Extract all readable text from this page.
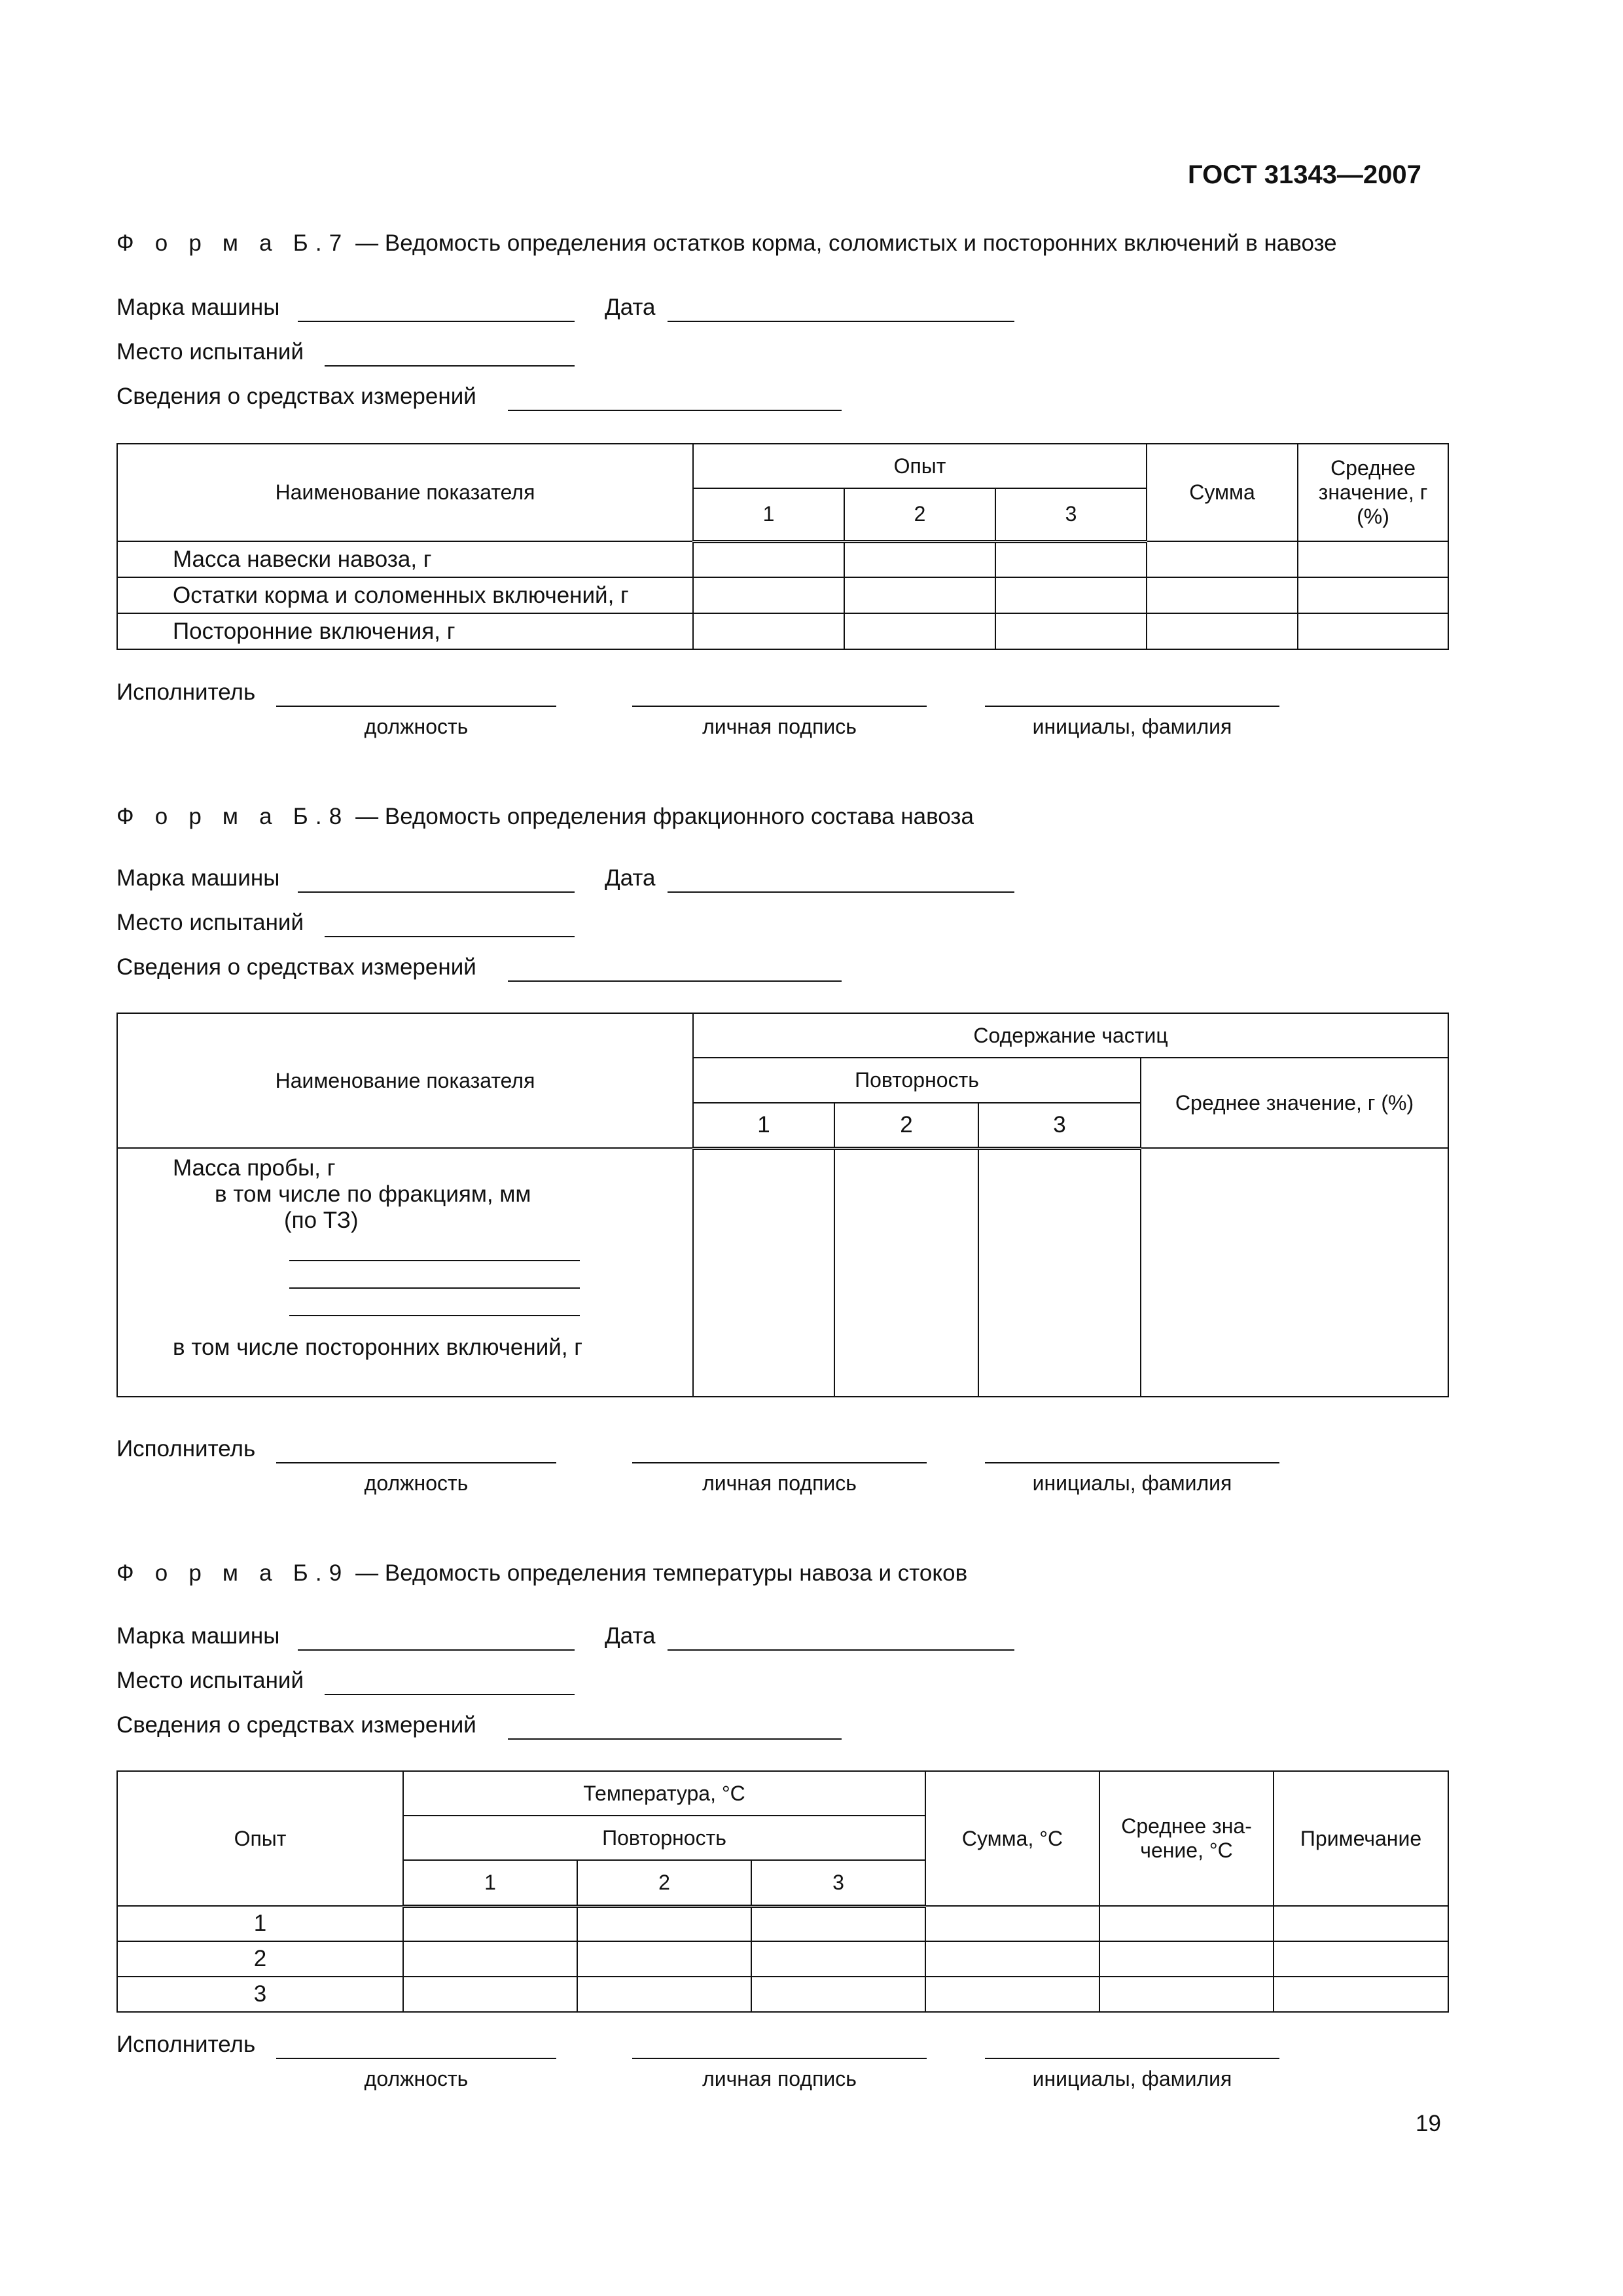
ГОСТ 31343—2007
Ф о р м а Б.7 — Ведомость определения остатков корма, соломистых и посторонних включений в навозе
Марка машины	Дата
Место испытаний
Сведения о средствах измерений
Наименование показателя	Опыт			Сумма	Среднее значение, г (%)
	1	2	3		
Масса навески навоза, г					
Остатки корма и соломенных включений, г					
Посторонние включения, г					
Исполнитель
должность	личная подпись	инициалы, фамилия
Ф о р м а Б.8 — Ведомость определения фракционного состава навоза
Марка машины	Дата
Место испытаний
Сведения о средствах измерений
Наименование показателя	Содержание частиц			
	Повторность			Среднее значение, г (%)
	1	2	3	

Масса пробы, г
в том числе по фракциям, мм
(по ТЗ)
в том числе посторонних включений, г				

Исполнитель
должность	личная подпись	инициалы, фамилия
Ф о р м а Б.9 — Ведомость определения температуры навоза и стоков
Марка машины	Дата
Место испытаний
Сведения о средствах измерений
Опыт	Температура, °С			Сумма, °С	Среднее зна-чение, °С	Примечание
	Повторность					
	1	2	3			
1						
2						
3						
Исполнитель
должность	личная подпись	инициалы, фамилия
19
